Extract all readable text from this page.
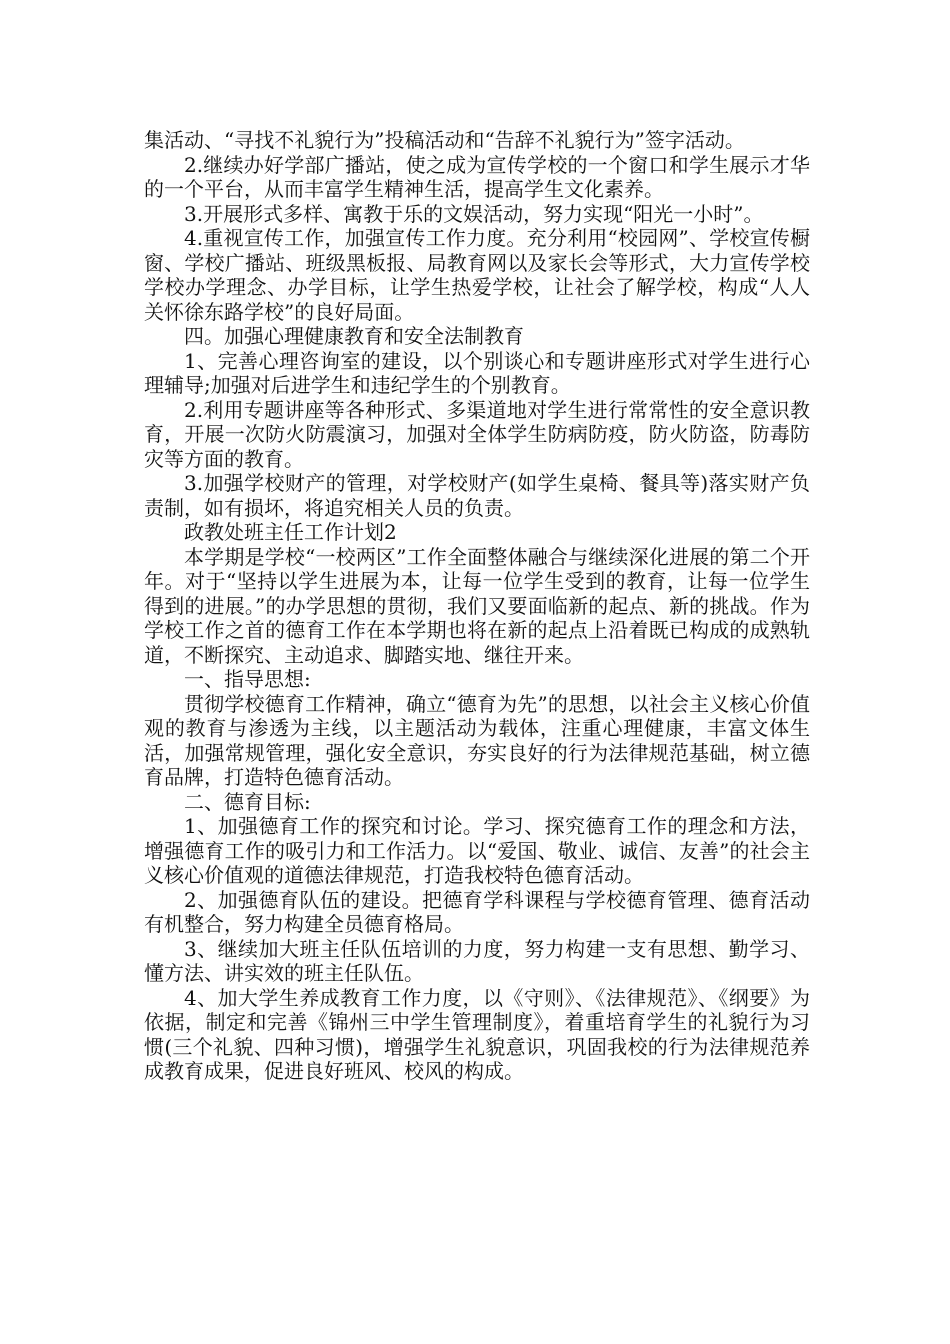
集活动、“寻找不礼貌行为”投稿活动和“告辞不礼貌行为”签字活动。

2.继续办好学部广播站，使之成为宣传学校的一个窗口和学生展示才华的一个平台，从而丰富学生精神生活，提高学生文化素养。

3.开展形式多样、寓教于乐的文娱活动，努力实现“阳光一小时”。

4.重视宣传工作，加强宣传工作力度。充分利用“校园网”、学校宣传橱窗、学校广播站、班级黑板报、局教育网以及家长会等形式，大力宣传学校学校办学理念、办学目标，让学生热爱学校，让社会了解学校，构成“人人关怀徐东路学校”的良好局面。

四。加强心理健康教育和安全法制教育

1、完善心理咨询室的建设，以个别谈心和专题讲座形式对学生进行心理辅导;加强对后进学生和违纪学生的个别教育。

2.利用专题讲座等各种形式、多渠道地对学生进行常常性的安全意识教育，开展一次防火防震演习，加强对全体学生防病防疫，防火防盗，防毒防灾等方面的教育。

3.加强学校财产的管理，对学校财产(如学生桌椅、餐具等)落实财产负责制，如有损坏，将追究相关人员的负责。

政教处班主任工作计划2

本学期是学校“一校两区”工作全面整体融合与继续深化进展的第二个开年。对于“坚持以学生进展为本，让每一位学生受到的教育，让每一位学生得到的进展。”的办学思想的贯彻，我们又要面临新的起点、新的挑战。作为学校工作之首的德育工作在本学期也将在新的起点上沿着既已构成的成熟轨道，不断探究、主动追求、脚踏实地、继往开来。

一、指导思想:

贯彻学校德育工作精神，确立“德育为先”的思想，以社会主义核心价值观的教育与渗透为主线，以主题活动为载体，注重心理健康，丰富文体生活，加强常规管理，强化安全意识，夯实良好的行为法律规范基础，树立德育品牌，打造特色德育活动。

二、德育目标:

1、加强德育工作的探究和讨论。学习、探究德育工作的理念和方法，增强德育工作的吸引力和工作活力。以“爱国、敬业、诚信、友善”的社会主义核心价值观的道德法律规范，打造我校特色德育活动。

2、加强德育队伍的建设。把德育学科课程与学校德育管理、德育活动有机整合，努力构建全员德育格局。

3、继续加大班主任队伍培训的力度，努力构建一支有思想、勤学习、懂方法、讲实效的班主任队伍。

4、加大学生养成教育工作力度，以《守则》、《法律规范》、《纲要》为依据，制定和完善《锦州三中学生管理制度》，着重培育学生的礼貌行为习惯(三个礼貌、四种习惯)，增强学生礼貌意识，巩固我校的行为法律规范养成教育成果，促进良好班风、校风的构成。
